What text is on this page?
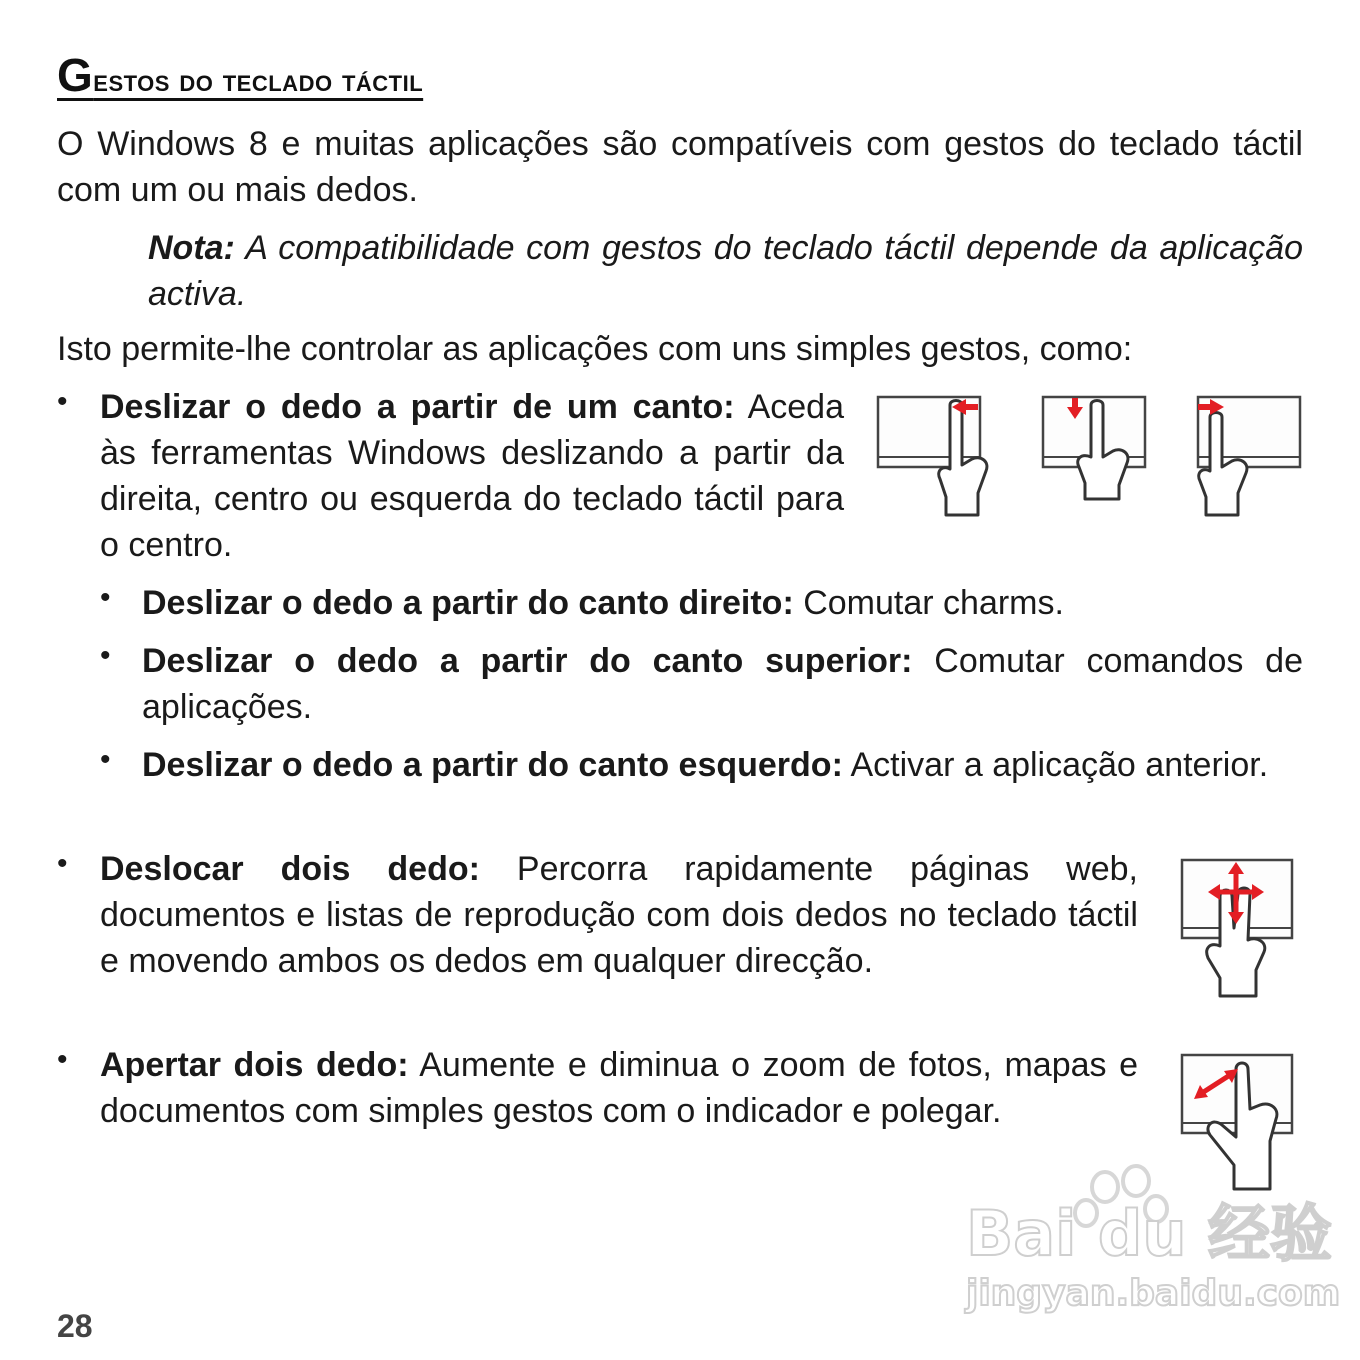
Gestos do teclado táctil
O Windows 8 e muitas aplicações são compatíveis com gestos do teclado táctil com um ou mais dedos.
Nota: A compatibilidade com gestos do teclado táctil depende da aplicação activa.
Isto permite-lhe controlar as aplicações com uns simples gestos, como:
• Deslizar o dedo a partir de um canto: Aceda às ferramentas Windows deslizando a partir da direita, centro ou esquerda do teclado táctil para o centro.
• Deslizar o dedo a partir do canto direito: Comutar charms.
• Deslizar o dedo a partir do canto superior: Comutar comandos de aplicações.
• Deslizar o dedo a partir do canto esquerdo: Activar a aplicação anterior.
• Deslocar dois dedo: Percorra rapidamente páginas web, documentos e listas de reprodução com dois dedos no teclado táctil e movendo ambos os dedos em qualquer direcção.
• Apertar dois dedo: Aumente e diminua o zoom de fotos, mapas e documentos com simples gestos com o indicador e polegar.
Bai du 经验
jingyan.baidu.com
28
